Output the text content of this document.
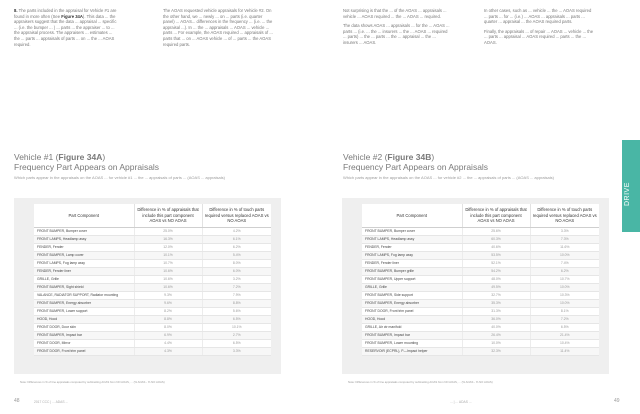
8. The parts included in the appraisal for Vehicle #1 are found in more often (See Figure 34A). This data ... the appraisers suggest that the data ... appraisal ... specific ... (i.e. the bumper ... ) ... parts ... the appraiser ... to ... the appraisal process. The appraisers ... estimates ... the ... parts ... appraisals of parts ... on ... the ... AOAS required.

The AOAS requested vehicle appraisals for Vehicle #2. On the other hand, we ... newly ... on ... parts (i.e. quarter panel) ... AOAS... differences in the frequency ... (i.e. ... the appraisal ...). In ... the ... appraisals ... AOAS ... vehicle ... parts ... For example, the AOAS required ... appraisals of ... parts that ... on ... AOAS vehicle ... of ... parts ... the AOAS required parts.

Not surprising is that the ... of the AOAS ... appraisals ... vehicle ... AOAS required ... the ... AOAS ... required.

The data shows AOAS ... appraisals ... for the ... AOAS ... parts ... (i.e. ... the ... insurers ... the ... AOAS ... required ... parts) ... the ... parts ... the ... appraisal ... the ... insurers ... AOAS.

In other cases, such as ... vehicle ... the ... AOAS required ... parts ... for ... (i.e.) ... AOAS ... appraisals ... parts ... quarter ... appraisal ... the AOAS required parts.

Finally, the appraisals ... of repair ... AOAS ... vehicle ... the ... parts ... appraisal ... AOAS required ... parts ... the ... AOAS.

Vehicle #1 (Figure 34A)
Frequency Part Appears on Appraisals
Which parts appear in the appraisals on the AOAS ... for vehicle #1 ... the ... appraisals of parts ... (AOAS ... appraisals)
Vehicle #2 (Figure 34B)
Frequency Part Appears on Appraisals
Which parts appear in the appraisals on the AOAS ... for vehicle #2 ... the ... appraisals of parts ... (AOAS ... appraisals)
Part Component	Difference in % of appraisals that include this part component AOAS vs NO AOAS	Difference in % of touch parts required versus replaced AOAS vs NO AOAS
FRONT BUMPER, Bumper cover	25.0%	4.2%
FRONT LAMPS, Headlamp assy	16.3%	6.1%
FENDER, Fender	12.0%	6.2%
FRONT BUMPER, Lamp cover	10.1%	5.4%
FRONT LAMPS, Fog lamp assy	10.7%	8.0%
FENDER, Fender liner	10.6%	6.0%
GRILLE, Grille	10.6%	3.2%
FRONT BUMPER, Sight shield	10.6%	7.2%
VALANCE, RADIATOR SUPPORT, Radiator mounting	9.3%	7.9%
FRONT BUMPER, Energy absorber	9.6%	8.8%
FRONT BUMPER, Lower support	8.2%	5.6%
HOOD, Hood	8.8%	6.5%
FRONT DOOR, Door skin	8.0%	10.1%
FRONT BUMPER, Impact bar	6.9%	2.7%
FRONT DOOR, Mirror	4.4%	6.5%
FRONT DOOR, Front trim panel	4.3%	3.3%
Note: Differences in % of line appraisals computed by subtracting AOAS from NO AOAS, ... (% AOAS - % NO AOAS)
Part Component	Difference in % of appraisals that include this part component AOAS vs NO AOAS	Difference in % of touch parts required versus replaced AOAS vs NO AOAS
FRONT BUMPER, Bumper cover	25.6%	3.3%
FRONT LAMPS, Headlamp assy	60.3%	7.3%
FENDER, Fender	40.6%	11.6%
FRONT LAMPS, Fog lamp assy	53.5%	10.0%
FENDER, Fender liner	52.1%	7.4%
FRONT BUMPER, Bumper grille	54.2%	6.2%
FRONT BUMPER, Upper support	48.0%	10.7%
GRILLE, Grille	49.5%	10.0%
FRONT BUMPER, Side support	32.7%	10.3%
FRONT BUMPER, Energy absorber	35.3%	10.0%
FRONT DOOR, Front trim panel	31.3%	8.1%
HOOD, Hood	36.0%	7.2%
GRILLE, Air ctr manifold	40.0%	6.5%
FRONT BUMPER, Impact bar	26.4%	21.4%
FRONT BUMPER, Lower mounting	10.0%	10.4%
RESERVOIR (ECPRL), P—Impact helper	32.3%	11.4%
Note: Differences in % of line appraisals computed by subtracting AOAS from NO AOAS, ... (% AOAS - % NO AOAS)
DRIVE
48	2017 CCC | ... ADAS ...	... | ... ADAS ...	49
